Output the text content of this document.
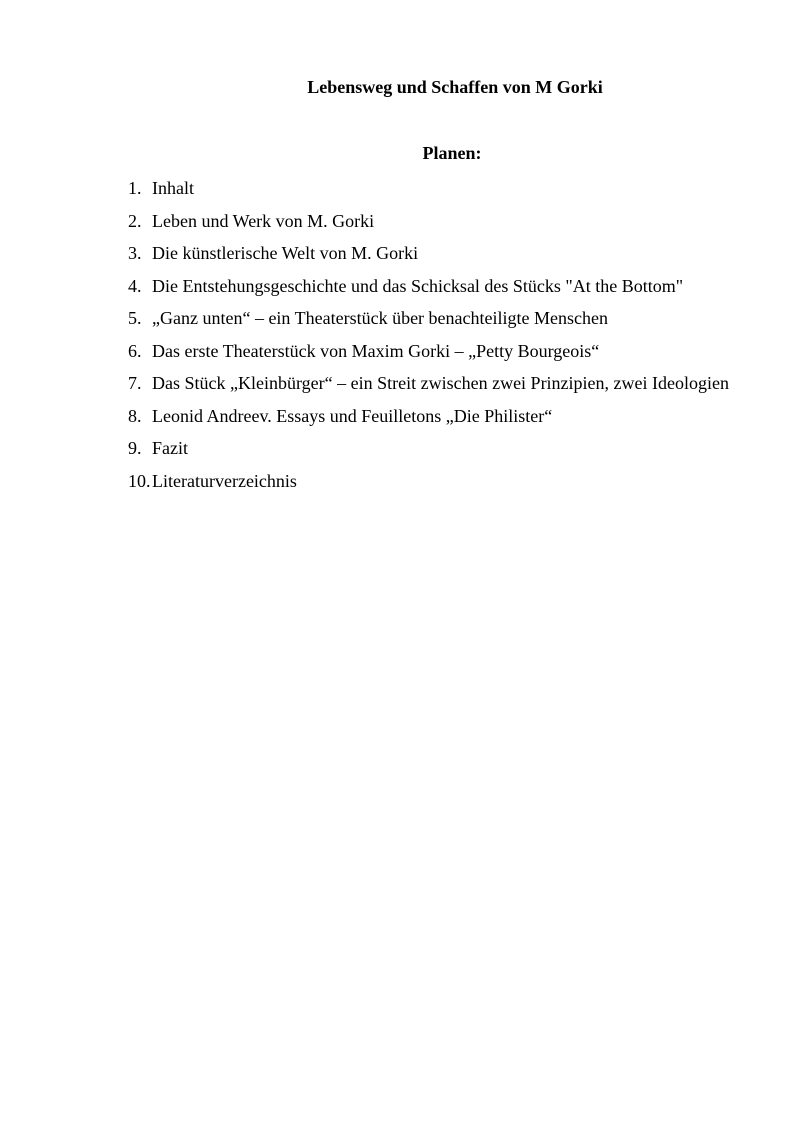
Lebensweg und Schaffen von M Gorki
Planen:
1. Inhalt
2. Leben und Werk von M. Gorki
3. Die künstlerische Welt von M. Gorki
4. Die Entstehungsgeschichte und das Schicksal des Stücks "At the Bottom"
5. „Ganz unten“ – ein Theaterstück über benachteiligte Menschen
6. Das erste Theaterstück von Maxim Gorki – „Petty Bourgeois“
7. Das Stück „Kleinbürger“ – ein Streit zwischen zwei Prinzipien, zwei Ideologien
8. Leonid Andreev. Essays und Feuilletons „Die Philister“
9. Fazit
10. Literaturverzeichnis
